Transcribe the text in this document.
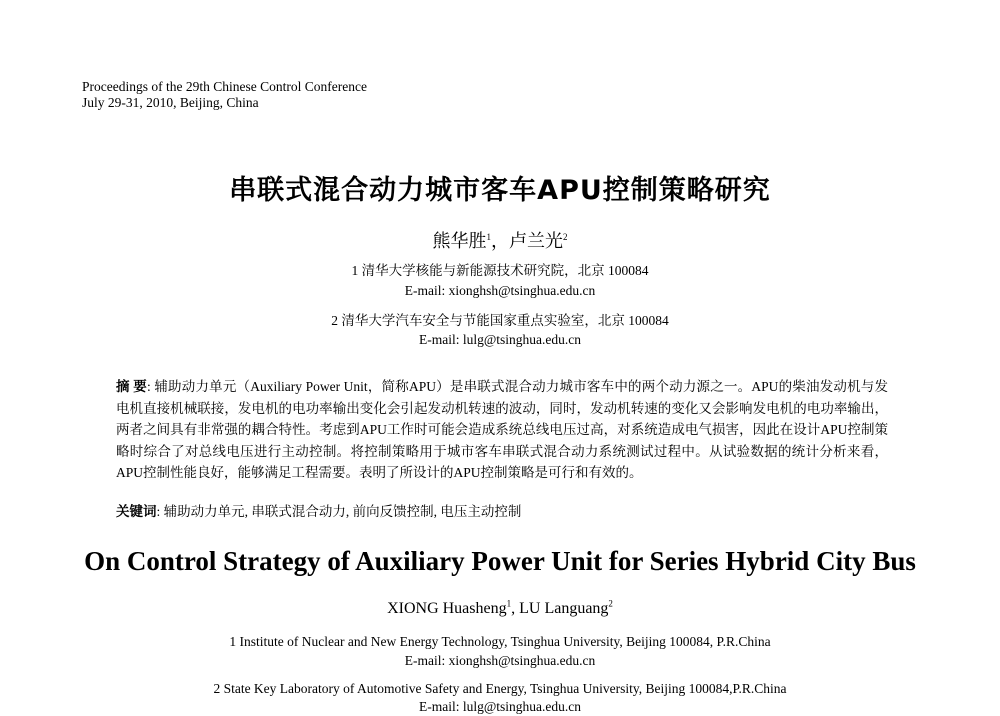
Proceedings of the 29th Chinese Control Conference
July 29-31, 2010, Beijing, China
串联式混合动力城市客车APU控制策略研究
熊华胜$^1$，卢兰光$^2$
1 清华大学核能与新能源技术研究院，北京 100084
E-mail: xionghsh@tsinghua.edu.cn
2 清华大学汽车安全与节能国家重点实验室，北京 100084
E-mail: lulg@tsinghua.edu.cn
摘 要: 辅助动力单元（Auxiliary Power Unit，简称APU）是串联式混合动力城市客车中的两个动力源之一。APU的柴油发动机与发电机直接机械联接，发电机的电功率输出变化会引起发动机转速的波动，同时，发动机转速的变化又会影响发电机的电功率输出，两者之间具有非常强的耦合特性。考虑到APU工作时可能会造成系统总线电压过高，对系统造成电气损害，因此在设计APU控制策略时综合了对总线电压进行主动控制。将控制策略用于城市客车串联式混合动力系统测试过程中。从试验数据的统计分析来看，APU控制性能良好，能够满足工程需要。表明了所设计的APU控制策略是可行和有效的。
关键词: 辅助动力单元, 串联式混合动力, 前向反馈控制, 电压主动控制
On Control Strategy of Auxiliary Power Unit for Series Hybrid City Bus
XIONG Huasheng$^1$, LU Languang$^2$
1 Institute of Nuclear and New Energy Technology, Tsinghua University, Beijing 100084, P.R.China
E-mail: xionghsh@tsinghua.edu.cn
2 State Key Laboratory of Automotive Safety and Energy, Tsinghua University, Beijing 100084,P.R.China
E-mail: lulg@tsinghua.edu.cn
